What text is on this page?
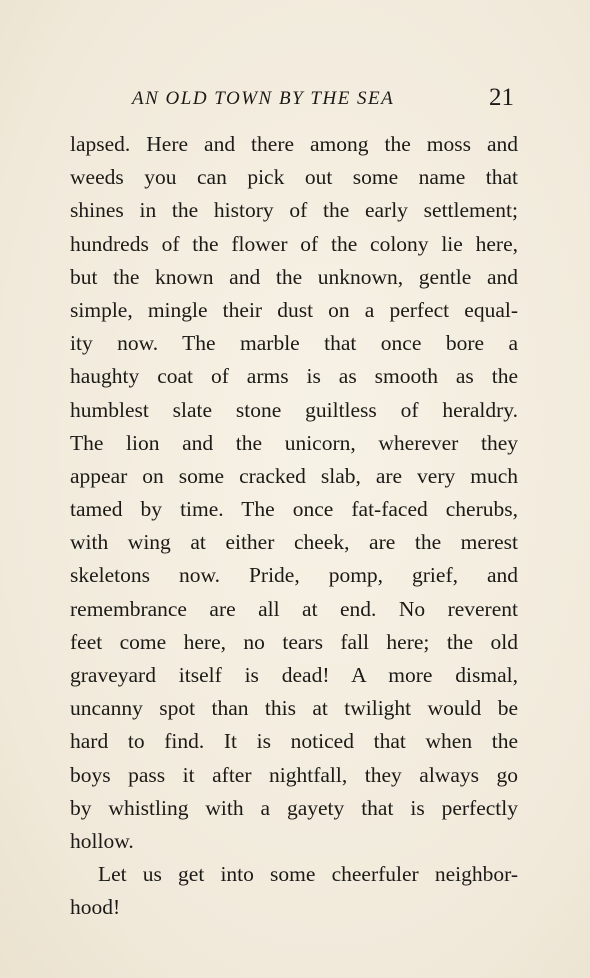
AN OLD TOWN BY THE SEA	21
lapsed. Here and there among the moss and
weeds you can pick out some name that
shines in the history of the early settlement;
hundreds of the flower of the colony lie here,
but the known and the unknown, gentle and
simple, mingle their dust on a perfect equal-
ity now. The marble that once bore a
haughty coat of arms is as smooth as the
humblest slate stone guiltless of heraldry.
The lion and the unicorn, wherever they
appear on some cracked slab, are very much
tamed by time. The once fat-faced cherubs,
with wing at either cheek, are the merest
skeletons now. Pride, pomp, grief, and
remembrance are all at end. No reverent
feet come here, no tears fall here; the old
graveyard itself is dead! A more dismal,
uncanny spot than this at twilight would be
hard to find. It is noticed that when the
boys pass it after nightfall, they always go
by whistling with a gayety that is perfectly
hollow.
Let us get into some cheerfuler neighbor-
hood!
